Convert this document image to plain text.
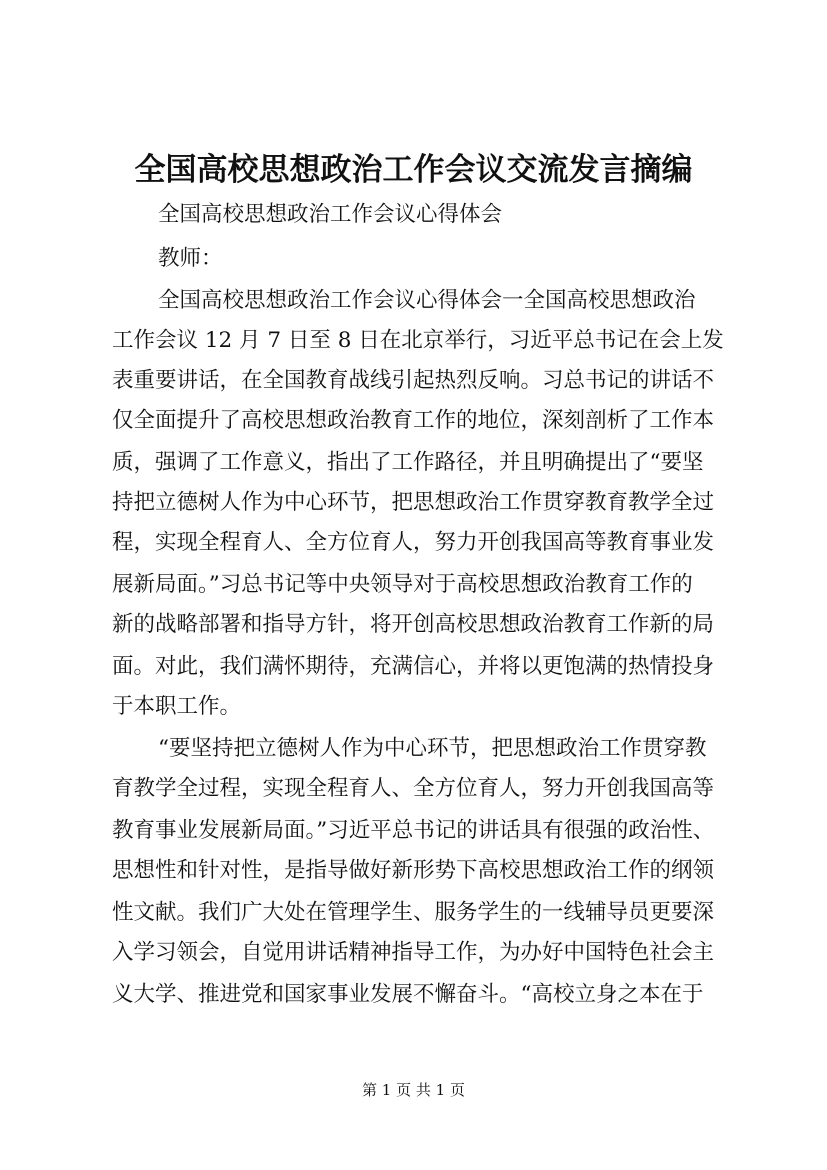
全国高校思想政治工作会议交流发言摘编
全国高校思想政治工作会议心得体会
教师：
全国高校思想政治工作会议心得体会一全国高校思想政治
工作会议 12 月 7 日至 8 日在北京举行，习近平总书记在会上发
表重要讲话，在全国教育战线引起热烈反响。习总书记的讲话不
仅全面提升了高校思想政治教育工作的地位，深刻剖析了工作本
质，强调了工作意义，指出了工作路径，并且明确提出了“要坚
持把立德树人作为中心环节，把思想政治工作贯穿教育教学全过
程，实现全程育人、全方位育人，努力开创我国高等教育事业发
展新局面。”习总书记等中央领导对于高校思想政治教育工作的
新的战略部署和指导方针，将开创高校思想政治教育工作新的局
面。对此，我们满怀期待，充满信心，并将以更饱满的热情投身
于本职工作。
“要坚持把立德树人作为中心环节，把思想政治工作贯穿教
育教学全过程，实现全程育人、全方位育人，努力开创我国高等
教育事业发展新局面。”习近平总书记的讲话具有很强的政治性、
思想性和针对性，是指导做好新形势下高校思想政治工作的纲领
性文献。我们广大处在管理学生、服务学生的一线辅导员更要深
入学习领会，自觉用讲话精神指导工作，为办好中国特色社会主
义大学、推进党和国家事业发展不懈奋斗。“高校立身之本在于
第 1 页 共 1 页
